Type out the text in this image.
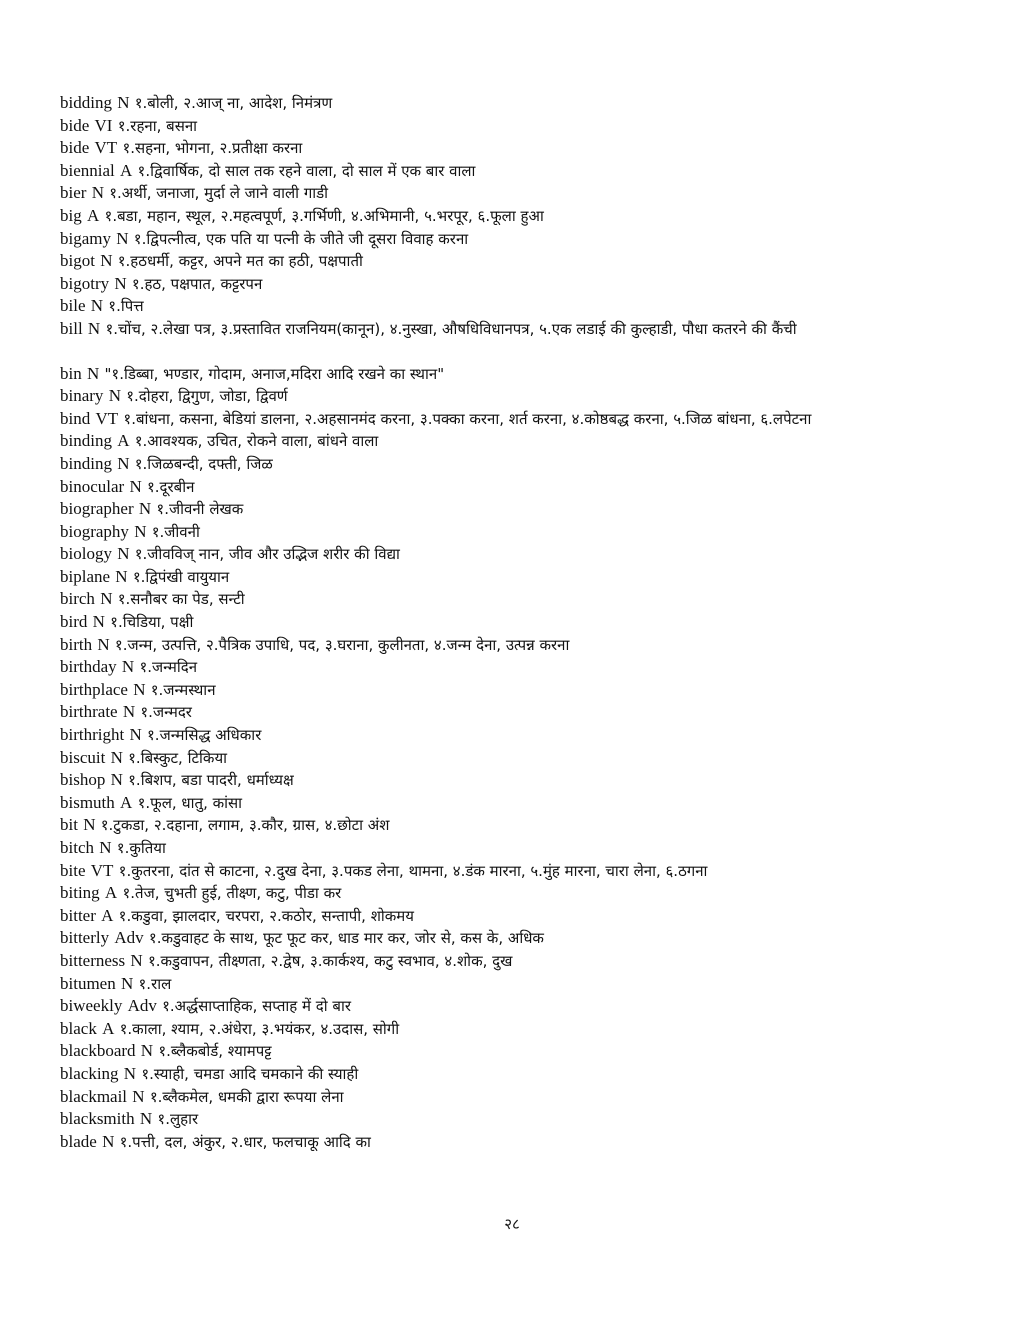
bidding N १.बोली, २.आज् ना, आदेश, निमंत्रण

bide VI १.रहना, बसना

bide VT १.सहना, भोगना, २.प्रतीक्षा करना

biennial A १.द्विवार्षिक, दो साल तक रहने वाला, दो साल में एक बार वाला

bier N १.अर्थी, जनाजा, मुर्दा ले जाने वाली गाडी

big A १.बडा, महान, स्थूल, २.महत्वपूर्ण, ३.गर्भिणी, ४.अभिमानी, ५.भरपूर, ६.फूला हुआ

bigamy N १.द्विपत्नीत्व, एक पति या पत्नी के जीते जी दूसरा विवाह करना

bigot N १.हठधर्मी, कट्टर, अपने मत का हठी, पक्षपाती

bigotry N १.हठ, पक्षपात, कट्टरपन

bile N १.पित्त

bill N १.चोंच, २.लेखा पत्र, ३.प्रस्तावित राजनियम(कानून), ४.नुस्खा, औषधिविधानपत्र, ५.एक लडाई की कुल्हाडी, पौधा कतरने की कैंची

bin N "१.डिब्बा, भण्डार, गोदाम, अनाज,मदिरा आदि रखने का स्थान"

binary N १.दोहरा, द्विगुण, जोडा, द्विवर्ण

bind VT १.बांधना, कसना, बेडियां डालना, २.अहसानमंद करना, ३.पक्का करना, शर्त करना, ४.कोष्ठबद्ध करना, ५.जिळ बांधना, ६.लपेटना

binding A १.आवश्यक, उचित, रोकने वाला, बांधने वाला

binding N १.जिळबन्दी, दफ्ती, जिळ

binocular N १.दूरबीन

biographer N १.जीवनी लेखक

biography N १.जीवनी

biology N १.जीवविज् नान, जीव और उद्भिज शरीर की विद्या

biplane N १.द्विपंखी वायुयान

birch N १.सनौबर का पेड, सन्टी

bird N १.चिडिया, पक्षी

birth N १.जन्म, उत्पत्ति, २.पैत्रिक उपाधि, पद, ३.घराना, कुलीनता, ४.जन्म देना, उत्पन्न करना

birthday N १.जन्मदिन

birthplace N १.जन्मस्थान

birthrate N १.जन्मदर

birthright N १.जन्मसिद्ध अधिकार

biscuit N १.बिस्कुट, टिकिया

bishop N १.बिशप, बडा पादरी, धर्माध्यक्ष

bismuth A १.फूल, धातु, कांसा

bit N १.टुकडा, २.दहाना, लगाम, ३.कौर, ग्रास, ४.छोटा अंश

bitch N १.कुतिया

bite VT १.कुतरना, दांत से काटना, २.दुख देना, ३.पकड लेना, थामना, ४.डंक मारना, ५.मुंह मारना, चारा लेना, ६.ठगना

biting A १.तेज, चुभती हुई, तीक्ष्ण, कटु, पीडा कर

bitter A १.कडुवा, झालदार, चरपरा, २.कठोर, सन्तापी, शोकमय

bitterly Adv १.कडुवाहट के साथ, फूट फूट कर, धाड मार कर, जोर से, कस के, अधिक

bitterness N १.कडुवापन, तीक्ष्णता, २.द्वेष, ३.कार्कश्य, कटु स्वभाव, ४.शोक, दुख

bitumen N १.राल

biweekly Adv १.अर्द्धसाप्ताहिक, सप्ताह में दो बार

black A १.काला, श्याम, २.अंधेरा, ३.भयंकर, ४.उदास, सोगी

blackboard N १.ब्लैकबोर्ड, श्यामपट्ट

blacking N १.स्याही, चमडा आदि चमकाने की स्याही

blackmail N १.ब्लैकमेल, धमकी द्वारा रूपया लेना

blacksmith N १.लुहार

blade N १.पत्ती, दल, अंकुर, २.धार, फलचाकू आदि का

२८
